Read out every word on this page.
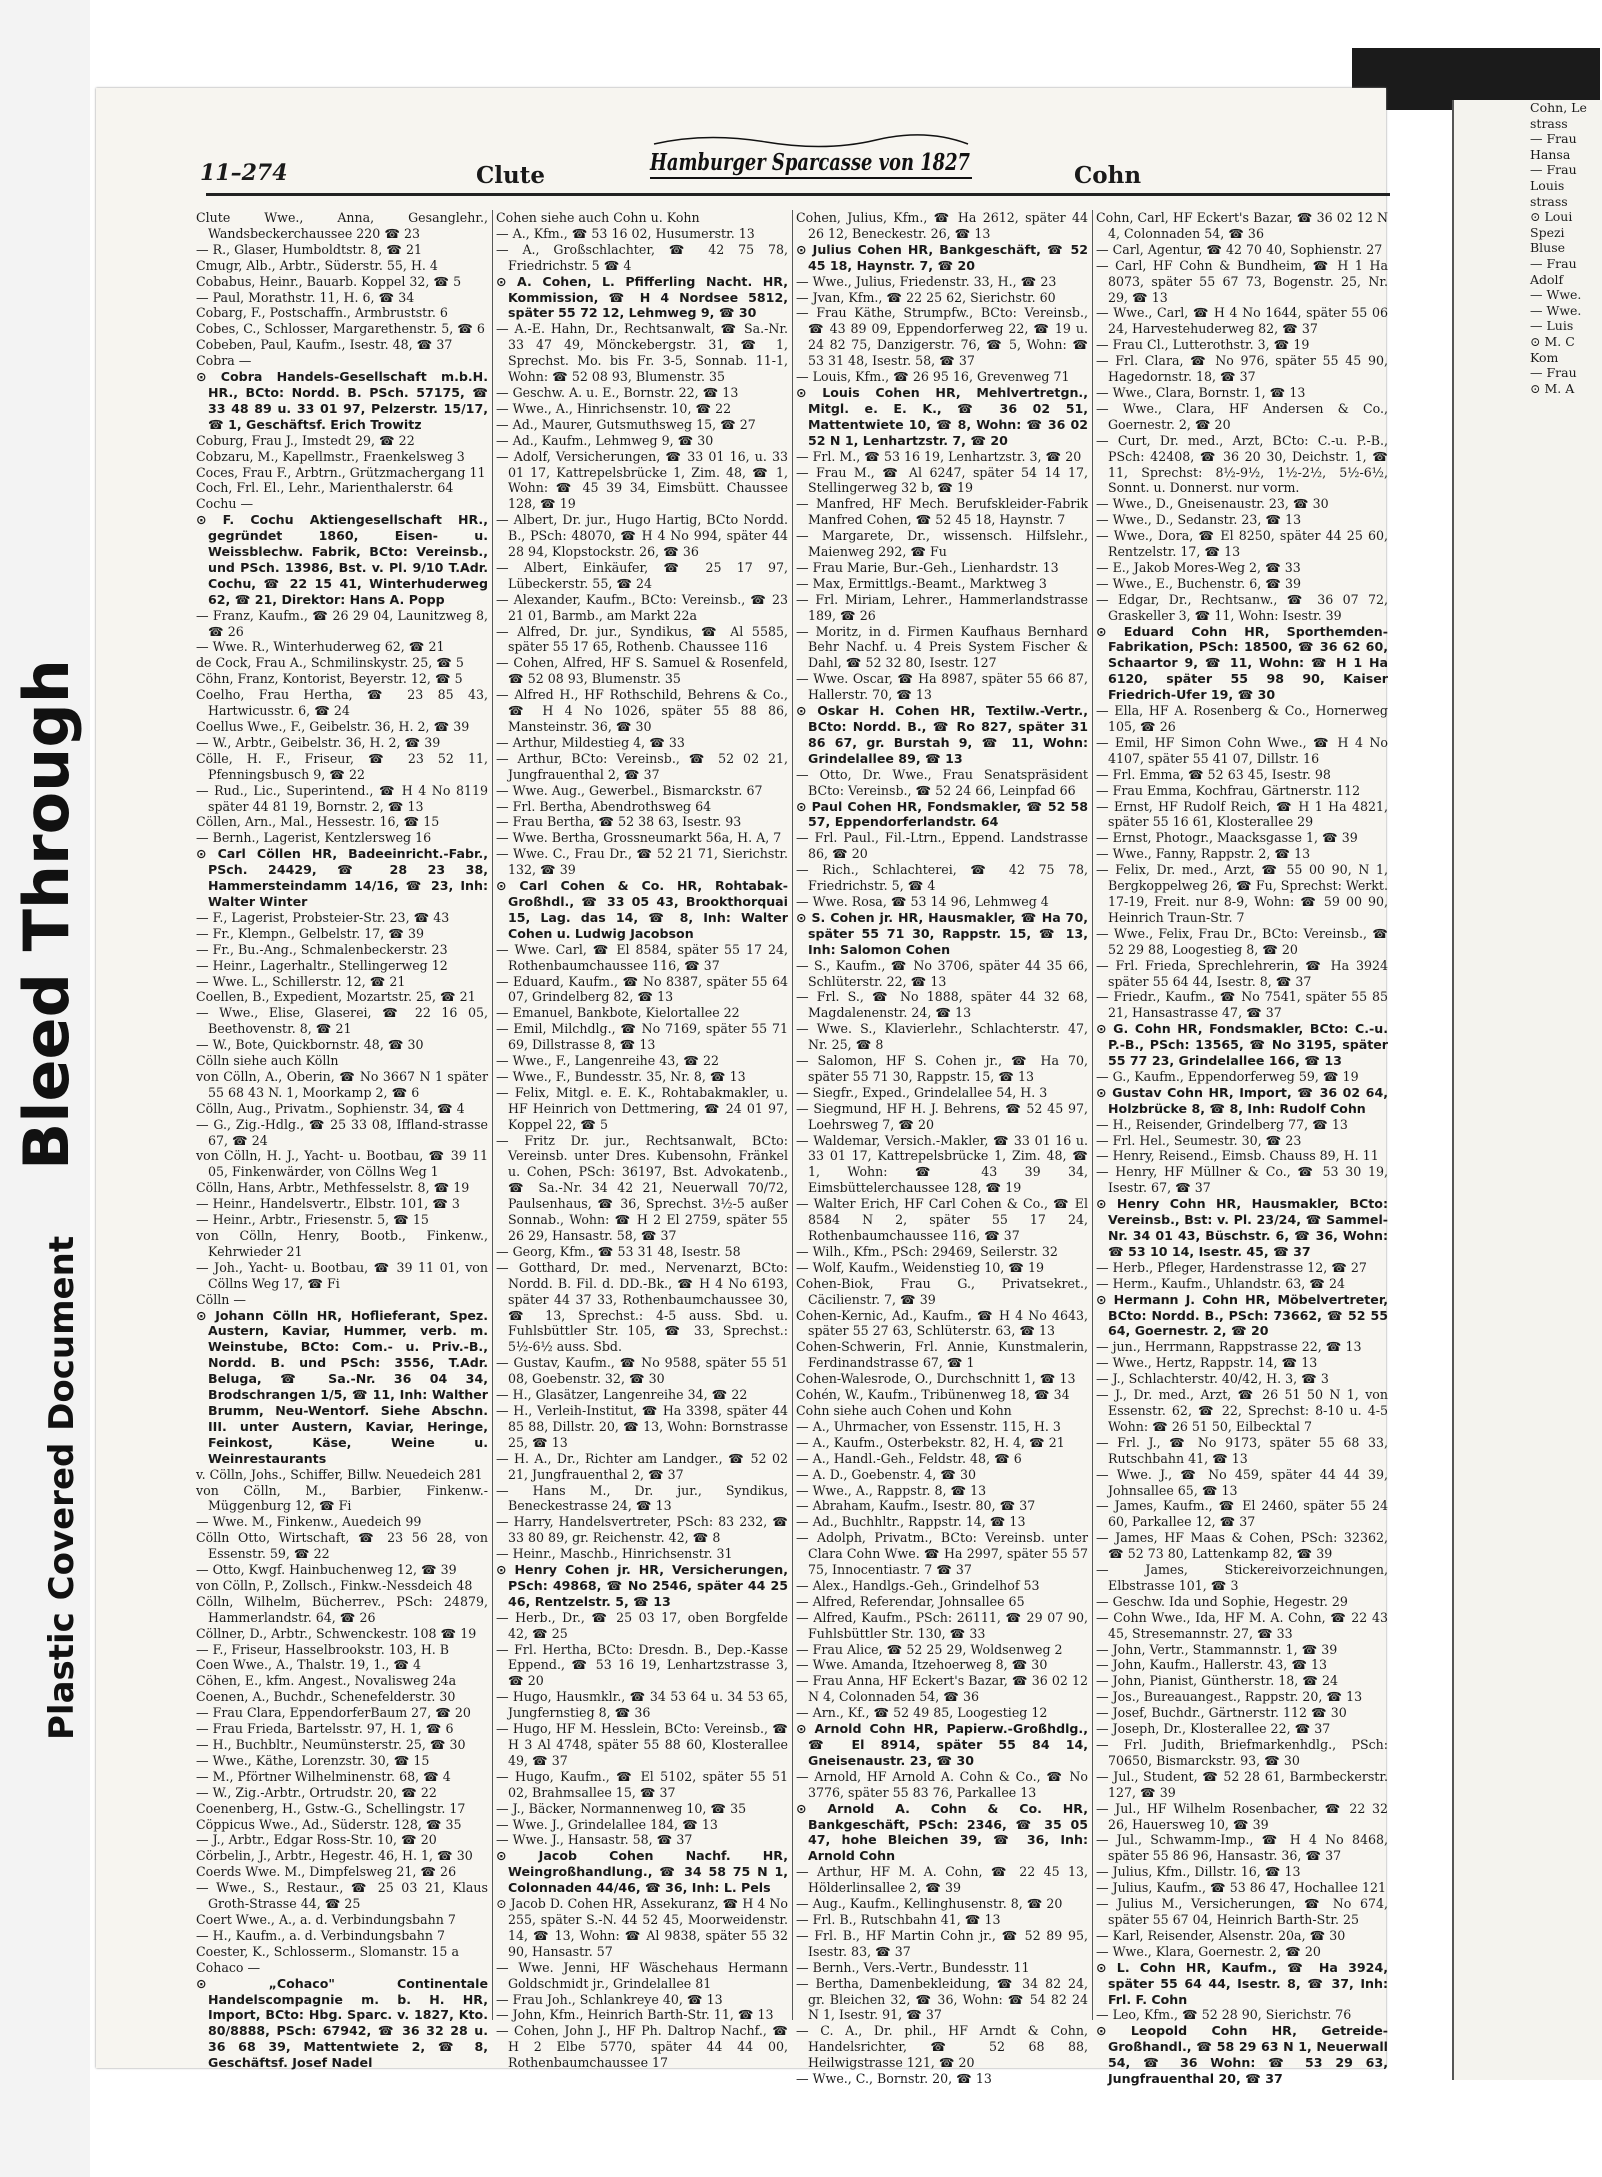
Bleed Through
Plastic Covered Document
Cohn, Le
strass
— Frau
Hansa
— Frau
Louis
strass
⊙ Loui
Spezi
Bluse
— Frau
Adolf
— Wwe.
— Wwe.
— Luis
⊙ M. C
Kom
— Frau
⊙ M. A
11–274	Clute	Hamburger Sparcasse von 1827	Cohn

Clute Wwe., Anna, Gesanglehr., Wandsbeckerchaussee 220 ☎ 23

— R., Glaser, Humboldtstr. 8, ☎ 21

Cmugr, Alb., Arbtr., Süderstr. 55, H. 4

Cobabus, Heinr., Bauarb. Koppel 32, ☎ 5

— Paul, Morathstr. 11, H. 6, ☎ 34

Cobarg, F., Postschaffn., Armbruststr. 6

Cobes, C., Schlosser, Margarethenstr. 5, ☎ 6

Cobeben, Paul, Kaufm., Isestr. 48, ☎ 37

Cobra —

⊙ Cobra Handels-Gesellschaft m.b.H. HR., BCto: Nordd. B. PSch. 57175, ☎ 33 48 89 u. 33 01 97, Pelzerstr. 15/17, ☎ 1, Geschäftsf. Erich Trowitz

Coburg, Frau J., Imstedt 29, ☎ 22

Cobzaru, M., Kapellmstr., Fraenkelsweg 3

Coces, Frau F., Arbtrn., Grützmachergang 11

Coch, Frl. El., Lehr., Marienthalerstr. 64

Cochu —

⊙ F. Cochu Aktiengesellschaft HR., gegründet 1860, Eisen- u. Weissblechw. Fabrik, BCto: Vereinsb., und PSch. 13986, Bst. v. Pl. 9/10 T.Adr. Cochu, ☎ 22 15 41, Winterhuderweg 62, ☎ 21, Direktor: Hans A. Popp

— Franz, Kaufm., ☎ 26 29 04, Launitzweg 8, ☎ 26

— Wwe. R., Winterhuderweg 62, ☎ 21

de Cock, Frau A., Schmilinskystr. 25, ☎ 5

Cöhn, Franz, Kontorist, Beyerstr. 12, ☎ 5

Coelho, Frau Hertha, ☎ 23 85 43, Hartwicusstr. 6, ☎ 24

Coellus Wwe., F., Geibelstr. 36, H. 2, ☎ 39

— W., Arbtr., Geibelstr. 36, H. 2, ☎ 39

Cölle, H. F., Friseur, ☎ 23 52 11, Pfenningsbusch 9, ☎ 22

— Rud., Lic., Superintend., ☎ H 4 No 8119 später 44 81 19, Bornstr. 2, ☎ 13

Cöllen, Arn., Mal., Hessestr. 16, ☎ 15

— Bernh., Lagerist, Kentzlersweg 16

⊙ Carl Cöllen HR, Badeeinricht.-Fabr., PSch. 24429, ☎ 28 23 38, Hammersteindamm 14/16, ☎ 23, Inh: Walter Winter

— F., Lagerist, Probsteier-Str. 23, ☎ 43

— Fr., Klempn., Gelbelstr. 17, ☎ 39

— Fr., Bu.-Ang., Schmalenbeckerstr. 23

— Heinr., Lagerhaltr., Stellingerweg 12

— Wwe. L., Schillerstr. 12, ☎ 21

Coellen, B., Expedient, Mozartstr. 25, ☎ 21

— Wwe., Elise, Glaserei, ☎ 22 16 05, Beethovenstr. 8, ☎ 21

— W., Bote, Quickbornstr. 48, ☎ 30

Cölln siehe auch Kölln

von Cölln, A., Oberin, ☎ No 3667 N 1 später 55 68 43 N. 1, Moorkamp 2, ☎ 6

Cölln, Aug., Privatm., Sophienstr. 34, ☎ 4

— G., Zig.-Hdlg., ☎ 25 33 08, Iffland-strasse 67, ☎ 24

von Cölln, H. J., Yacht- u. Bootbau, ☎ 39 11 05, Finkenwärder, von Cöllns Weg 1

Cölln, Hans, Arbtr., Methfesselstr. 8, ☎ 19

— Heinr., Handelsvertr., Elbstr. 101, ☎ 3

— Heinr., Arbtr., Friesenstr. 5, ☎ 15

von Cölln, Henry, Bootb., Finkenw., Kehrwieder 21

— Joh., Yacht- u. Bootbau, ☎ 39 11 01, von Cöllns Weg 17, ☎ Fi

Cölln —

⊙ Johann Cölln HR, Hoflieferant, Spez. Austern, Kaviar, Hummer, verb. m. Weinstube, BCto: Com.- u. Priv.-B., Nordd. B. und PSch: 3556, T.Adr. Beluga, ☎ Sa.-Nr. 36 04 34, Brodschrangen 1/5, ☎ 11, Inh: Walther Brumm, Neu-Wentorf. Siehe Abschn. III. unter Austern, Kaviar, Heringe, Feinkost, Käse, Weine u. Weinrestaurants

v. Cölln, Johs., Schiffer, Billw. Neuedeich 281

von Cölln, M., Barbier, Finkenw.-Müggenburg 12, ☎ Fi

— Wwe. M., Finkenw., Auedeich 99

Cölln Otto, Wirtschaft, ☎ 23 56 28, von Essenstr. 59, ☎ 22

— Otto, Kwgf. Hainbuchenweg 12, ☎ 39

von Cölln, P., Zollsch., Finkw.-Nessdeich 48

Cölln, Wilhelm, Bücherrev., PSch: 24879, Hammerlandstr. 64, ☎ 26

Cöllner, D., Arbtr., Schwenckestr. 108 ☎ 19

— F., Friseur, Hasselbrookstr. 103, H. B

Coen Wwe., A., Thalstr. 19, 1., ☎ 4

Cöhen, E., kfm. Angest., Novalisweg 24a

Coenen, A., Buchdr., Schenefelderstr. 30

— Frau Clara, EppendorferBaum 27, ☎ 20

— Frau Frieda, Bartelsstr. 97, H. 1, ☎ 6

— H., Buchbltr., Neumünsterstr. 25, ☎ 30

— Wwe., Käthe, Lorenzstr. 30, ☎ 15

— M., Pförtner Wilhelminenstr. 68, ☎ 4

— W., Zig.-Arbtr., Ortrudstr. 20, ☎ 22

Coenenberg, H., Gstw.-G., Schellingstr. 17

Cöppicus Wwe., Ad., Süderstr. 128, ☎ 35

— J., Arbtr., Edgar Ross-Str. 10, ☎ 20

Cörbelin, J., Arbtr., Hegestr. 46, H. 1, ☎ 30

Coerds Wwe. M., Dimpfelsweg 21, ☎ 26

— Wwe., S., Restaur., ☎ 25 03 21, Klaus Groth-Strasse 44, ☎ 25

Coert Wwe., A., a. d. Verbindungsbahn 7

— H., Kaufm., a. d. Verbindungsbahn 7

Coester, K., Schlosserm., Slomanstr. 15 a

Cohaco —

⊙ „Cohaco" Continentale Handelscompagnie m. b. H. HR, Import, BCto: Hbg. Sparc. v. 1827, Kto. 80/8888, PSch: 67942, ☎ 36 32 28 u. 36 68 39, Mattentwiete 2, ☎ 8, Geschäftsf. Josef Nadel

Cohen siehe auch Cohn u. Kohn

— A., Kfm., ☎ 53 16 02, Husumerstr. 13

— A., Großschlachter, ☎ 42 75 78, Friedrichstr. 5 ☎ 4

⊙ A. Cohen, L. Pfifferling Nacht. HR, Kommission, ☎ H 4 Nordsee 5812, später 55 72 12, Lehmweg 9, ☎ 30

— A.-E. Hahn, Dr., Rechtsanwalt, ☎ Sa.-Nr. 33 47 49, Mönckebergstr. 31, ☎ 1, Sprechst. Mo. bis Fr. 3-5, Sonnab. 11-1, Wohn: ☎ 52 08 93, Blumenstr. 35

— Geschw. A. u. E., Bornstr. 22, ☎ 13

— Wwe., A., Hinrichsenstr. 10, ☎ 22

— Ad., Maurer, Gutsmuthsweg 15, ☎ 27

— Ad., Kaufm., Lehmweg 9, ☎ 30

— Adolf, Versicherungen, ☎ 33 01 16, u. 33 01 17, Kattrepelsbrücke 1, Zim. 48, ☎ 1, Wohn: ☎ 45 39 34, Eimsbütt. Chaussee 128, ☎ 19

— Albert, Dr. jur., Hugo Hartig, BCto Nordd. B., PSch: 48070, ☎ H 4 No 994, später 44 28 94, Klopstockstr. 26, ☎ 36

— Albert, Einkäufer, ☎ 25 17 97, Lübeckerstr. 55, ☎ 24

— Alexander, Kaufm., BCto: Vereinsb., ☎ 23 21 01, Barmb., am Markt 22a

— Alfred, Dr. jur., Syndikus, ☎ Al 5585, später 55 17 65, Rothenb. Chaussee 116

— Cohen, Alfred, HF S. Samuel & Rosenfeld, ☎ 52 08 93, Blumenstr. 35

— Alfred H., HF Rothschild, Behrens & Co., ☎ H 4 No 1026, später 55 88 86, Mansteinstr. 36, ☎ 30

— Arthur, Mildestieg 4, ☎ 33

— Arthur, BCto: Vereinsb., ☎ 52 02 21, Jungfrauenthal 2, ☎ 37

— Wwe. Aug., Gewerbel., Bismarckstr. 67

— Frl. Bertha, Abendrothsweg 64

— Frau Bertha, ☎ 52 38 63, Isestr. 93

— Wwe. Bertha, Grossneumarkt 56a, H. A, 7

— Wwe. C., Frau Dr., ☎ 52 21 71, Sierichstr. 132, ☎ 39

⊙ Carl Cohen & Co. HR, Rohtabak-Großhdl., ☎ 33 05 43, Brookthorquai 15, Lag. das 14, ☎ 8, Inh: Walter Cohen u. Ludwig Jacobson

— Wwe. Carl, ☎ El 8584, später 55 17 24, Rothenbaumchaussee 116, ☎ 37

— Eduard, Kaufm., ☎ No 8387, später 55 64 07, Grindelberg 82, ☎ 13

— Emanuel, Bankbote, Kielortallee 22

— Emil, Milchdlg., ☎ No 7169, später 55 71 69, Dillstrasse 8, ☎ 13

— Wwe., F., Langenreihe 43, ☎ 22

— Wwe., F., Bundesstr. 35, Nr. 8, ☎ 13

— Felix, Mitgl. e. E. K., Rohtabakmakler, u. HF Heinrich von Dettmering, ☎ 24 01 97, Koppel 22, ☎ 5

— Fritz Dr. jur., Rechtsanwalt, BCto: Vereinsb. unter Dres. Kubensohn, Fränkel u. Cohen, PSch: 36197, Bst. Advokatenb., ☎ Sa.-Nr. 34 42 21, Neuerwall 70/72, Paulsenhaus, ☎ 36, Sprechst. 3½-5 außer Sonnab., Wohn: ☎ H 2 El 2759, später 55 26 29, Hansastr. 58, ☎ 37

— Georg, Kfm., ☎ 53 31 48, Isestr. 58

— Gotthard, Dr. med., Nervenarzt, BCto: Nordd. B. Fil. d. DD.-Bk., ☎ H 4 No 6193, später 44 37 33, Rothenbaumchaussee 30, ☎ 13, Sprechst.: 4-5 auss. Sbd. u. Fuhlsbüttler Str. 105, ☎ 33, Sprechst.: 5½-6½ auss. Sbd.

— Gustav, Kaufm., ☎ No 9588, später 55 51 08, Goebenstr. 32, ☎ 30

— H., Glasätzer, Langenreihe 34, ☎ 22

— H., Verleih-Institut, ☎ Ha 3398, später 44 85 88, Dillstr. 20, ☎ 13, Wohn: Bornstrasse 25, ☎ 13

— H. A., Dr., Richter am Landger., ☎ 52 02 21, Jungfrauenthal 2, ☎ 37

— Hans M., Dr. jur., Syndikus, Beneckestrasse 24, ☎ 13

— Harry, Handelsvertreter, PSch: 83 232, ☎ 33 80 89, gr. Reichenstr. 42, ☎ 8

— Heinr., Maschb., Hinrichsenstr. 31

⊙ Henry Cohen jr. HR, Versicherungen, PSch: 49868, ☎ No 2546, später 44 25 46, Rentzelstr. 5, ☎ 13

— Herb., Dr., ☎ 25 03 17, oben Borgfelde 42, ☎ 25

— Frl. Hertha, BCto: Dresdn. B., Dep.-Kasse Eppend., ☎ 53 16 19, Lenhartzstrasse 3, ☎ 20

— Hugo, Hausmklr., ☎ 34 53 64 u. 34 53 65, Jungfernstieg 8, ☎ 36

— Hugo, HF M. Hesslein, BCto: Vereinsb., ☎ H 3 Al 4748, später 55 88 60, Klosterallee 49, ☎ 37

— Hugo, Kaufm., ☎ El 5102, später 55 51 02, Brahmsallee 15, ☎ 37

— J., Bäcker, Normannenweg 10, ☎ 35

— Wwe. J., Grindelallee 184, ☎ 13

— Wwe. J., Hansastr. 58, ☎ 37

⊙ Jacob Cohen Nachf. HR, Weingroßhandlung., ☎ 34 58 75 N 1, Colonnaden 44/46, ☎ 36, Inh: L. Pels

⊙ Jacob D. Cohen HR, Assekuranz, ☎ H 4 No 255, später S.-N. 44 52 45, Moorweidenstr. 14, ☎ 13, Wohn: ☎ Al 9838, später 55 32 90, Hansastr. 57

— Wwe. Jenni, HF Wäschehaus Hermann Goldschmidt jr., Grindelallee 81

— Frau Joh., Schlankreye 40, ☎ 13

— John, Kfm., Heinrich Barth-Str. 11, ☎ 13

— Cohen, John J., HF Ph. Daltrop Nachf., ☎ H 2 Elbe 5770, später 44 44 00, Rothenbaumchaussee 17

Cohen, Julius, Kfm., ☎ Ha 2612, später 44 26 12, Beneckestr. 26, ☎ 13

⊙ Julius Cohen HR, Bankgeschäft, ☎ 52 45 18, Haynstr. 7, ☎ 20

— Wwe., Julius, Friedenstr. 33, H., ☎ 23

— Jvan, Kfm., ☎ 22 25 62, Sierichstr. 60

— Frau Käthe, Strumpfw., BCto: Vereinsb., ☎ 43 89 09, Eppendorferweg 22, ☎ 19 u. 24 82 75, Danzigerstr. 76, ☎ 5, Wohn: ☎ 53 31 48, Isestr. 58, ☎ 37

— Louis, Kfm., ☎ 26 95 16, Grevenweg 71

⊙ Louis Cohen HR, Mehlvertretgn., Mitgl. e. E. K., ☎ 36 02 51, Mattentwiete 10, ☎ 8, Wohn: ☎ 36 02 52 N 1, Lenhartzstr. 7, ☎ 20

— Frl. M., ☎ 53 16 19, Lenhartzstr. 3, ☎ 20

— Frau M., ☎ Al 6247, später 54 14 17, Stellingerweg 32 b, ☎ 19

— Manfred, HF Mech. Berufskleider-Fabrik Manfred Cohen, ☎ 52 45 18, Haynstr. 7

— Margarete, Dr., wissensch. Hilfslehr., Maienweg 292, ☎ Fu

— Frau Marie, Bur.-Geh., Lienhardstr. 13

— Max, Ermittlgs.-Beamt., Marktweg 3

— Frl. Miriam, Lehrer., Hammerlandstrasse 189, ☎ 26

— Moritz, in d. Firmen Kaufhaus Bernhard Behr Nachf. u. 4 Preis System Fischer & Dahl, ☎ 52 32 80, Isestr. 127

— Wwe. Oscar, ☎ Ha 8987, später 55 66 87, Hallerstr. 70, ☎ 13

⊙ Oskar H. Cohen HR, Textilw.-Vertr., BCto: Nordd. B., ☎ Ro 827, später 31 86 67, gr. Burstah 9, ☎ 11, Wohn: Grindelallee 89, ☎ 13

— Otto, Dr. Wwe., Frau Senatspräsident BCto: Vereinsb., ☎ 52 24 66, Leinpfad 66

⊙ Paul Cohen HR, Fondsmakler, ☎ 52 58 57, Eppendorferlandstr. 64

— Frl. Paul., Fil.-Ltrn., Eppend. Landstrasse 86, ☎ 20

— Rich., Schlachterei, ☎ 42 75 78, Friedrichstr. 5, ☎ 4

— Wwe. Rosa, ☎ 53 14 96, Lehmweg 4

⊙ S. Cohen jr. HR, Hausmakler, ☎ Ha 70, später 55 71 30, Rappstr. 15, ☎ 13, Inh: Salomon Cohen

— S., Kaufm., ☎ No 3706, später 44 35 66, Schlüterstr. 22, ☎ 13

— Frl. S., ☎ No 1888, später 44 32 68, Magdalenenstr. 24, ☎ 13

— Wwe. S., Klavierlehr., Schlachterstr. 47, Nr. 25, ☎ 8

— Salomon, HF S. Cohen jr., ☎ Ha 70, später 55 71 30, Rappstr. 15, ☎ 13

— Siegfr., Exped., Grindelallee 54, H. 3

— Siegmund, HF H. J. Behrens, ☎ 52 45 97, Loehrsweg 7, ☎ 20

— Waldemar, Versich.-Makler, ☎ 33 01 16 u. 33 01 17, Kattrepelsbrücke 1, Zim. 48, ☎ 1, Wohn: ☎ 43 39 34, Eimsbüttelerchaussee 128, ☎ 19

— Walter Erich, HF Carl Cohen & Co., ☎ El 8584 N 2, später 55 17 24, Rothenbaumchaussee 116, ☎ 37

— Wilh., Kfm., PSch: 29469, Seilerstr. 32

— Wolf, Kaufm., Weidenstieg 10, ☎ 19

Cohen-Biok, Frau G., Privatsekret., Cäcilienstr. 7, ☎ 39

Cohen-Kernic, Ad., Kaufm., ☎ H 4 No 4643, später 55 27 63, Schlüterstr. 63, ☎ 13

Cohen-Schwerin, Frl. Annie, Kunstmalerin, Ferdinandstrasse 67, ☎ 1

Cohen-Walesrode, O., Durchschnitt 1, ☎ 13

Cohén, W., Kaufm., Tribünenweg 18, ☎ 34

Cohn siehe auch Cohen und Kohn

— A., Uhrmacher, von Essenstr. 115, H. 3

— A., Kaufm., Osterbekstr. 82, H. 4, ☎ 21

— A., Handl.-Geh., Feldstr. 48, ☎ 6

— A. D., Goebenstr. 4, ☎ 30

— Wwe., A., Rappstr. 8, ☎ 13

— Abraham, Kaufm., Isestr. 80, ☎ 37

— Ad., Buchhltr., Rappstr. 14, ☎ 13

— Adolph, Privatm., BCto: Vereinsb. unter Clara Cohn Wwe. ☎ Ha 2997, später 55 57 75, Innocentiastr. 7 ☎ 37

— Alex., Handlgs.-Geh., Grindelhof 53

— Alfred, Referendar, Johnsallee 65

— Alfred, Kaufm., PSch: 26111, ☎ 29 07 90, Fuhlsbüttler Str. 130, ☎ 33

— Frau Alice, ☎ 52 25 29, Woldsenweg 2

— Wwe. Amanda, Itzehoerweg 8, ☎ 30

— Frau Anna, HF Eckert's Bazar, ☎ 36 02 12 N 4, Colonnaden 54, ☎ 36

— Arn., Kf., ☎ 52 49 85, Loogestieg 12

⊙ Arnold Cohn HR, Papierw.-Großhdlg., ☎ El 8914, später 55 84 14, Gneisenaustr. 23, ☎ 30

— Arnold, HF Arnold A. Cohn & Co., ☎ No 3776, später 55 83 76, Parkallee 13

⊙ Arnold A. Cohn & Co. HR, Bankgeschäft, PSch: 2346, ☎ 35 05 47, hohe Bleichen 39, ☎ 36, Inh: Arnold Cohn

— Arthur, HF M. A. Cohn, ☎ 22 45 13, Hölderlinsallee 2, ☎ 39

— Aug., Kaufm., Kellinghusenstr. 8, ☎ 20

— Frl. B., Rutschbahn 41, ☎ 13

— Frl. B., HF Martin Cohn jr., ☎ 52 89 95, Isestr. 83, ☎ 37

— Bernh., Vers.-Vertr., Bundesstr. 11

— Bertha, Damenbekleidung, ☎ 34 82 24, gr. Bleichen 32, ☎ 36, Wohn: ☎ 54 82 24 N 1, Isestr. 91, ☎ 37

— C. A., Dr. phil., HF Arndt & Cohn, Handelsrichter, ☎ 52 68 88, Heilwigstrasse 121, ☎ 20

— Wwe., C., Bornstr. 20, ☎ 13

Cohn, Carl, HF Eckert's Bazar, ☎ 36 02 12 N 4, Colonnaden 54, ☎ 36

— Carl, Agentur, ☎ 42 70 40, Sophienstr. 27

— Carl, HF Cohn & Bundheim, ☎ H 1 Ha 8073, später 55 67 73, Bogenstr. 25, Nr. 29, ☎ 13

— Wwe., Carl, ☎ H 4 No 1644, später 55 06 24, Harvestehuderweg 82, ☎ 37

— Frau Cl., Lutterothstr. 3, ☎ 19

— Frl. Clara, ☎ No 976, später 55 45 90, Hagedornstr. 18, ☎ 37

— Wwe., Clara, Bornstr. 1, ☎ 13

— Wwe., Clara, HF Andersen & Co., Goernestr. 2, ☎ 20

— Curt, Dr. med., Arzt, BCto: C.-u. P.-B., PSch: 42408, ☎ 36 20 30, Deichstr. 1, ☎ 11, Sprechst: 8½-9½, 1½-2½, 5½-6½, Sonnt. u. Donnerst. nur vorm.

— Wwe., D., Gneisenaustr. 23, ☎ 30

— Wwe., D., Sedanstr. 23, ☎ 13

— Wwe., Dora, ☎ El 8250, später 44 25 60, Rentzelstr. 17, ☎ 13

— E., Jakob Mores-Weg 2, ☎ 33

— Wwe., E., Buchenstr. 6, ☎ 39

— Edgar, Dr., Rechtsanw., ☎ 36 07 72, Graskeller 3, ☎ 11, Wohn: Isestr. 39

⊙ Eduard Cohn HR, Sporthemden-Fabrikation, PSch: 18500, ☎ 36 62 60, Schaartor 9, ☎ 11, Wohn: ☎ H 1 Ha 6120, später 55 98 90, Kaiser Friedrich-Ufer 19, ☎ 30

— Ella, HF A. Rosenberg & Co., Hornerweg 105, ☎ 26

— Emil, HF Simon Cohn Wwe., ☎ H 4 No 4107, später 55 41 07, Dillstr. 16

— Frl. Emma, ☎ 52 63 45, Isestr. 98

— Frau Emma, Kochfrau, Gärtnerstr. 112

— Ernst, HF Rudolf Reich, ☎ H 1 Ha 4821, später 55 16 61, Klosterallee 29

— Ernst, Photogr., Maacksgasse 1, ☎ 39

— Wwe., Fanny, Rappstr. 2, ☎ 13

— Felix, Dr. med., Arzt, ☎ 55 00 90, N 1, Bergkoppelweg 26, ☎ Fu, Sprechst: Werkt. 17-19, Freit. nur 8-9, Wohn: ☎ 59 00 90, Heinrich Traun-Str. 7

— Wwe., Felix, Frau Dr., BCto: Vereinsb., ☎ 52 29 88, Loogestieg 8, ☎ 20

— Frl. Frieda, Sprechlehrerin, ☎ Ha 3924 später 55 64 44, Isestr. 8, ☎ 37

— Friedr., Kaufm., ☎ No 7541, später 55 85 21, Hansastrasse 47, ☎ 37

⊙ G. Cohn HR, Fondsmakler, BCto: C.-u. P.-B., PSch: 13565, ☎ No 3195, später 55 77 23, Grindelallee 166, ☎ 13

— G., Kaufm., Eppendorferweg 59, ☎ 19

⊙ Gustav Cohn HR, Import, ☎ 36 02 64, Holzbrücke 8, ☎ 8, Inh: Rudolf Cohn

— H., Reisender, Grindelberg 77, ☎ 13

— Frl. Hel., Seumestr. 30, ☎ 23

— Henry, Reisend., Eimsb. Chauss 89, H. 11

— Henry, HF Müllner & Co., ☎ 53 30 19, Isestr. 67, ☎ 37

⊙ Henry Cohn HR, Hausmakler, BCto: Vereinsb., Bst: v. Pl. 23/24, ☎ Sammel-Nr. 34 01 43, Büschstr. 6, ☎ 36, Wohn: ☎ 53 10 14, Isestr. 45, ☎ 37

— Herb., Pfleger, Hardenstrasse 12, ☎ 27

— Herm., Kaufm., Uhlandstr. 63, ☎ 24

⊙ Hermann J. Cohn HR, Möbelvertreter, BCto: Nordd. B., PSch: 73662, ☎ 52 55 64, Goernestr. 2, ☎ 20

— jun., Herrmann, Rappstrasse 22, ☎ 13

— Wwe., Hertz, Rappstr. 14, ☎ 13

— J., Schlachterstr. 40/42, H. 3, ☎ 3

— J., Dr. med., Arzt, ☎ 26 51 50 N 1, von Essenstr. 62, ☎ 22, Sprechst: 8-10 u. 4-5 Wohn: ☎ 26 51 50, Eilbecktal 7

— Frl. J., ☎ No 9173, später 55 68 33, Rutschbahn 41, ☎ 13

— Wwe. J., ☎ No 459, später 44 44 39, Johnsallee 65, ☎ 13

— James, Kaufm., ☎ El 2460, später 55 24 60, Parkallee 12, ☎ 37

— James, HF Maas & Cohen, PSch: 32362, ☎ 52 73 80, Lattenkamp 82, ☎ 39

— James, Stickereivorzeichnungen, Elbstrasse 101, ☎ 3

— Geschw. Ida und Sophie, Hegestr. 29

— Cohn Wwe., Ida, HF M. A. Cohn, ☎ 22 43 45, Stresemannstr. 27, ☎ 33

— John, Vertr., Stammannstr. 1, ☎ 39

— John, Kaufm., Hallerstr. 43, ☎ 13

— John, Pianist, Güntherstr. 18, ☎ 24

— Jos., Bureauangest., Rappstr. 20, ☎ 13

— Josef, Buchdr., Gärtnerstr. 112 ☎ 30

— Joseph, Dr., Klosterallee 22, ☎ 37

— Frl. Judith, Briefmarkenhdlg., PSch: 70650, Bismarckstr. 93, ☎ 30

— Jul., Student, ☎ 52 28 61, Barmbeckerstr. 127, ☎ 39

— Jul., HF Wilhelm Rosenbacher, ☎ 22 32 26, Hauersweg 10, ☎ 39

— Jul., Schwamm-Imp., ☎ H 4 No 8468, später 55 86 96, Hansastr. 36, ☎ 37

— Julius, Kfm., Dillstr. 16, ☎ 13

— Julius, Kaufm., ☎ 53 86 47, Hochallee 121

— Julius M., Versicherungen, ☎ No 674, später 55 67 04, Heinrich Barth-Str. 25

— Karl, Reisender, Alsenstr. 20a, ☎ 30

— Wwe., Klara, Goernestr. 2, ☎ 20

⊙ L. Cohn HR, Kaufm., ☎ Ha 3924, später 55 64 44, Isestr. 8, ☎ 37, Inh: Frl. F. Cohn

— Leo, Kfm., ☎ 52 28 90, Sierichstr. 76

⊙ Leopold Cohn HR, Getreide-Großhandl., ☎ 58 29 63 N 1, Neuerwall 54, ☎ 36 Wohn: ☎ 53 29 63, Jungfrauenthal 20, ☎ 37
